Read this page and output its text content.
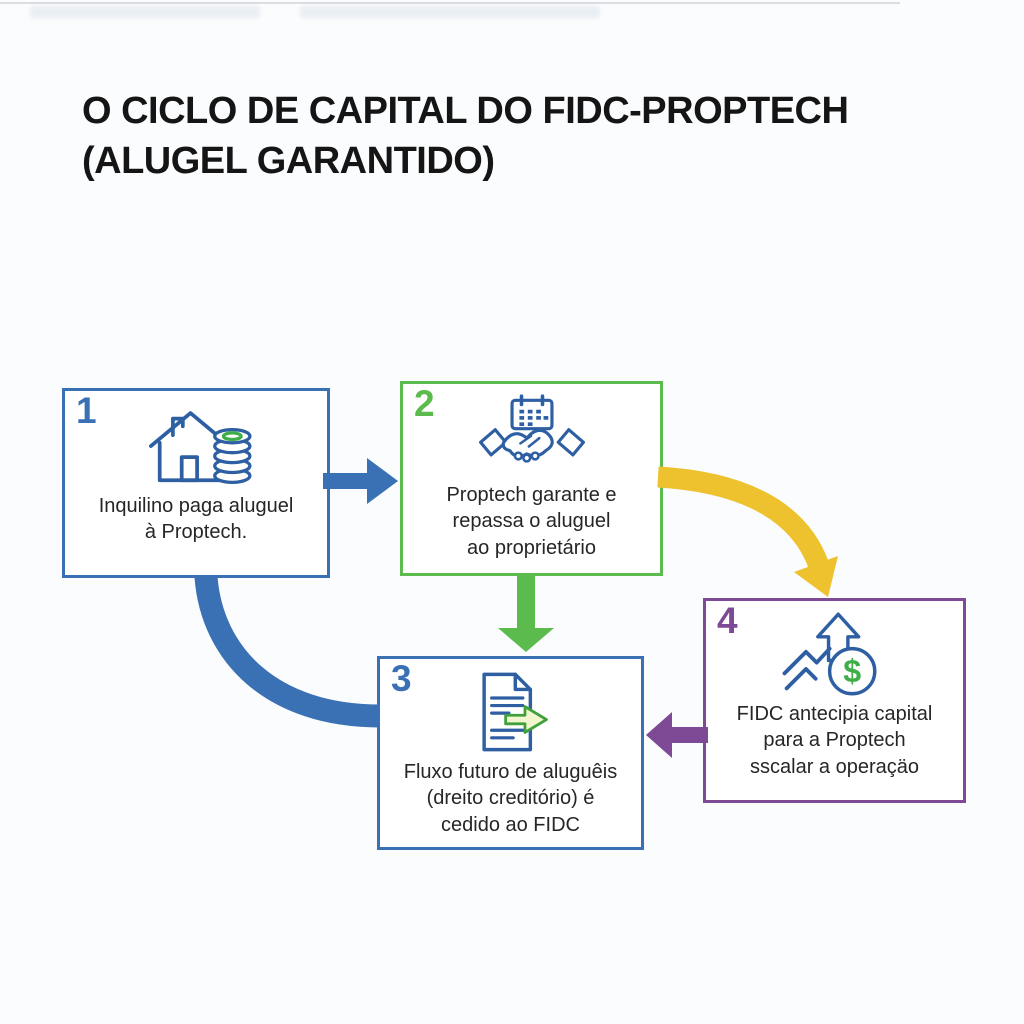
O CICLO DE CAPITAL DO FIDC-PROPTECH
(ALUGEL GARANTIDO)
1
Inquilino paga aluguel
à Proptech.
2
Proptech garante e
repassa o aluguel
ao proprietário
3
Fluxo futuro de aluguêis
(dreito creditório) é
cedido ao FIDC
4
$
FIDC antecipia capital
para a Proptech
sscalar a operaçäo
